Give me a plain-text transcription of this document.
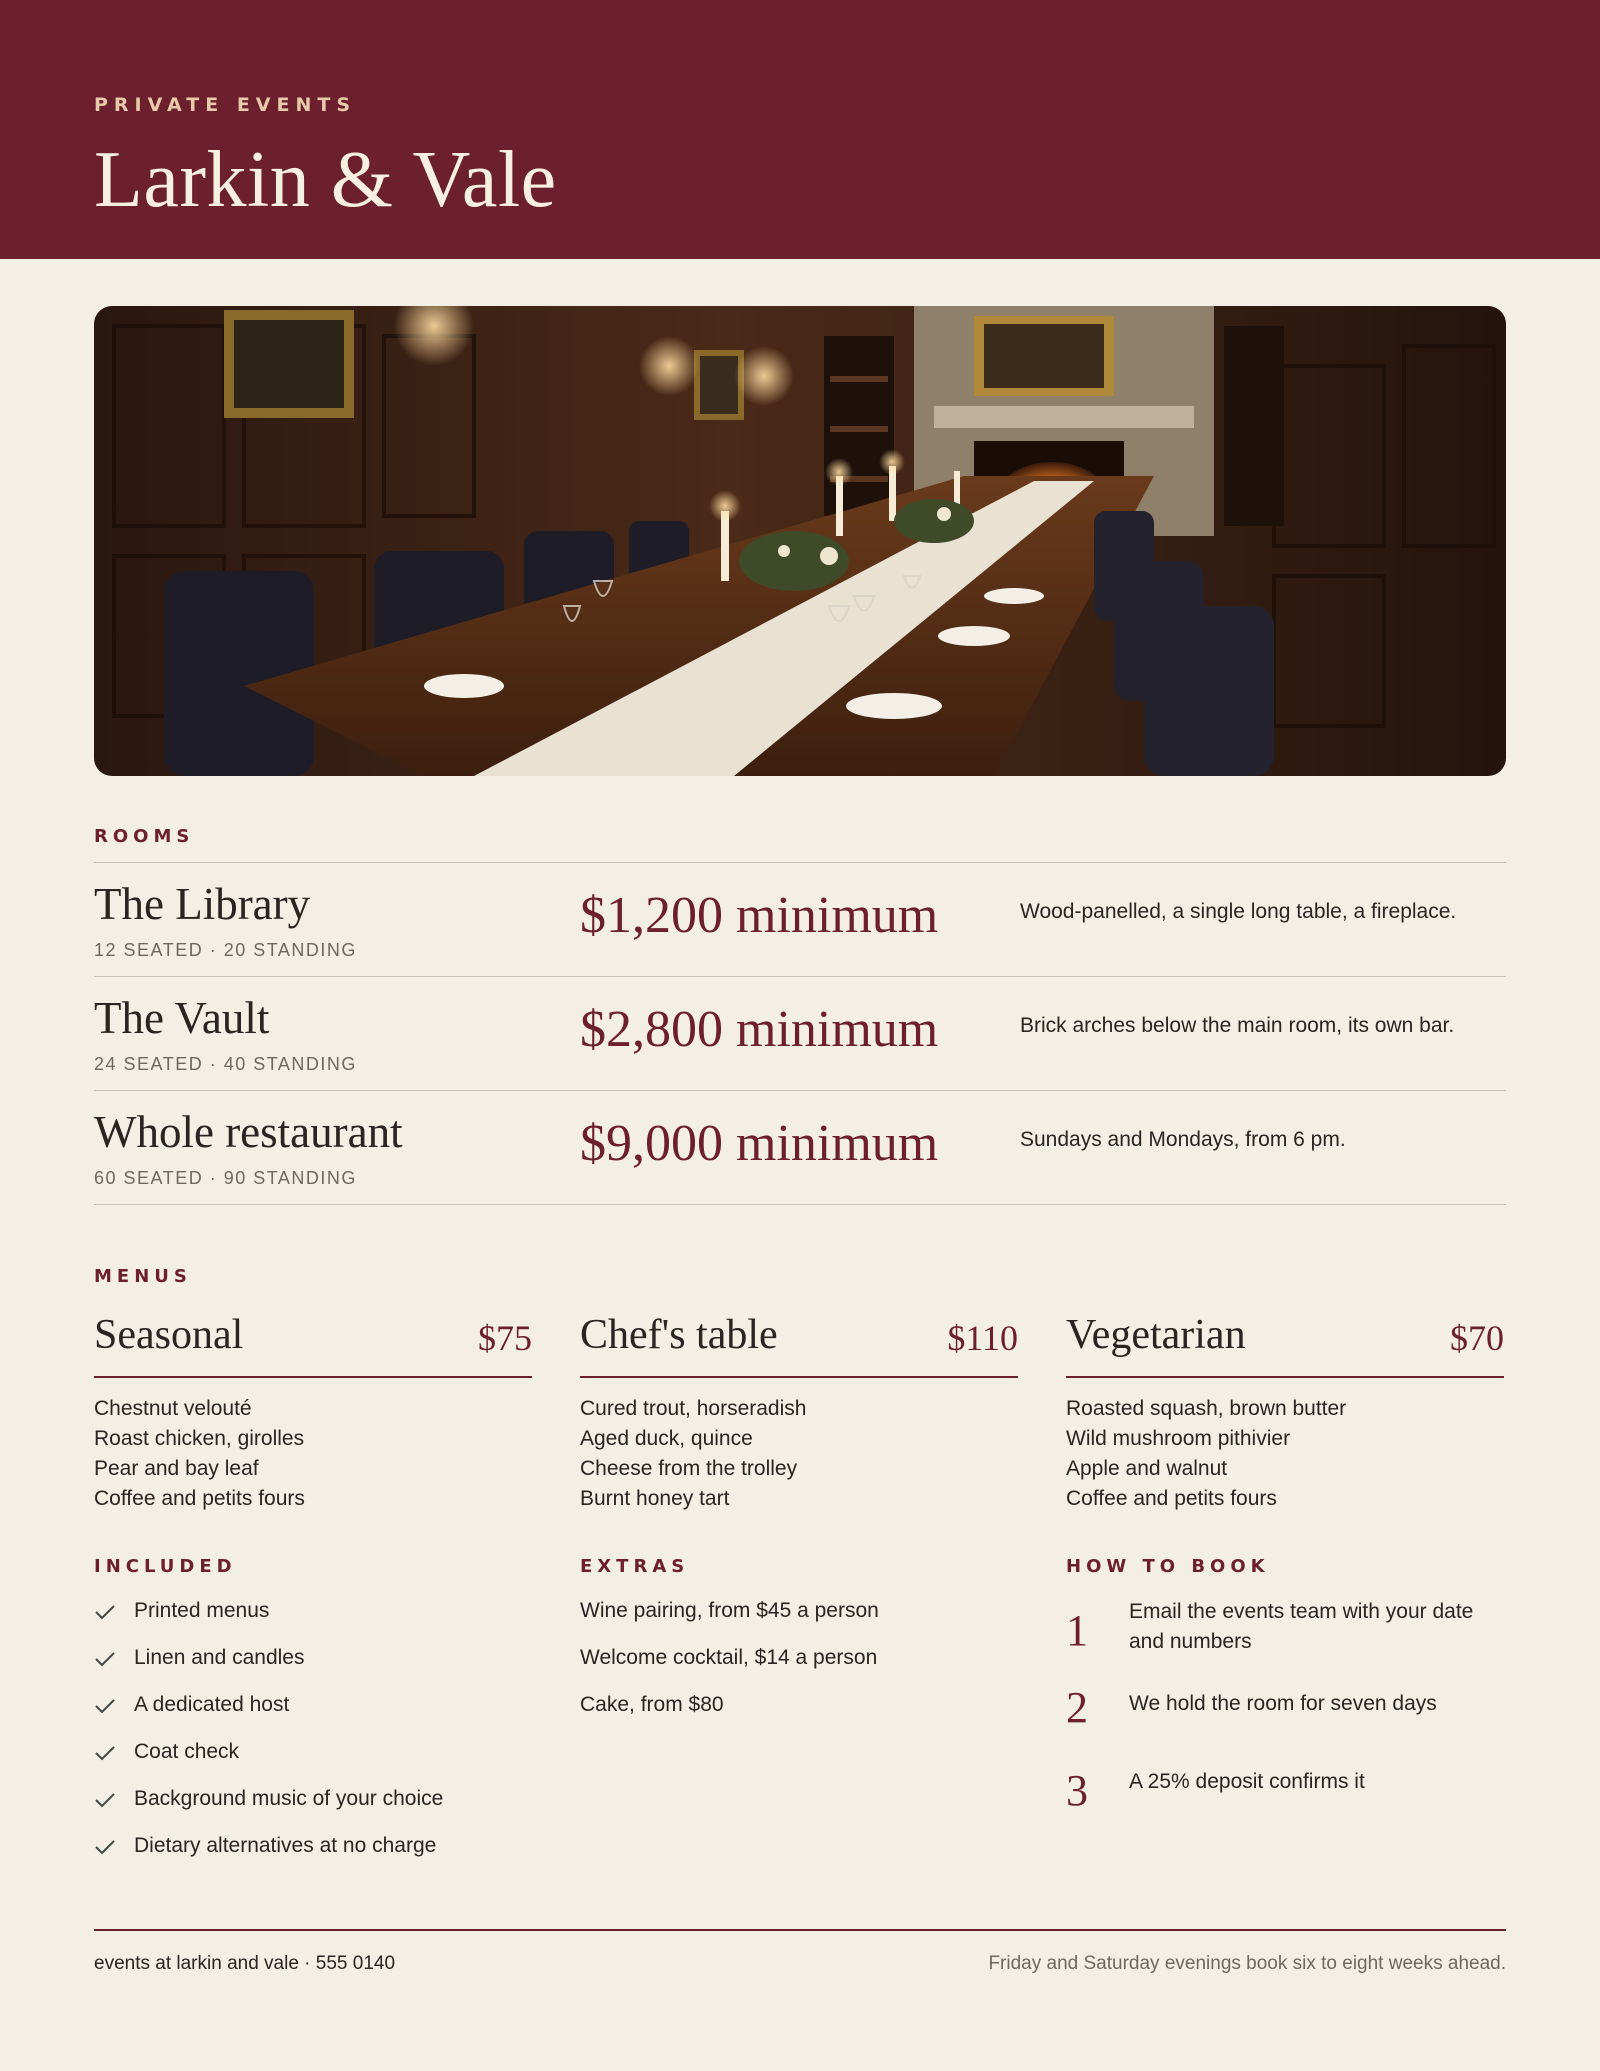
PRIVATE EVENTS
Larkin & Vale
ROOMS
The Library
12 SEATED · 20 STANDING
$1,200 minimum	Wood-panelled, a single long table, a fireplace.
The Vault
24 SEATED · 40 STANDING
$2,800 minimum	Brick arches below the main room, its own bar.
Whole restaurant
60 SEATED · 90 STANDING
$9,000 minimum	Sundays and Mondays, from 6 pm.
MENUS
Seasonal	$75
Chestnut velouté
Roast chicken, girolles
Pear and bay leaf
Coffee and petits fours
Chef's table	$110
Cured trout, horseradish
Aged duck, quince
Cheese from the trolley
Burnt honey tart
Vegetarian	$70
Roasted squash, brown butter
Wild mushroom pithivier
Apple and walnut
Coffee and petits fours
INCLUDED
Printed menus
Linen and candles
A dedicated host
Coat check
Background music of your choice
Dietary alternatives at no charge
EXTRAS
Wine pairing, from $45 a person
Welcome cocktail, $14 a person
Cake, from $80
HOW TO BOOK
1 Email the events team with your date and numbers
2 We hold the room for seven days
3 A 25% deposit confirms it
events at larkin and vale · 555 0140	Friday and Saturday evenings book six to eight weeks ahead.
